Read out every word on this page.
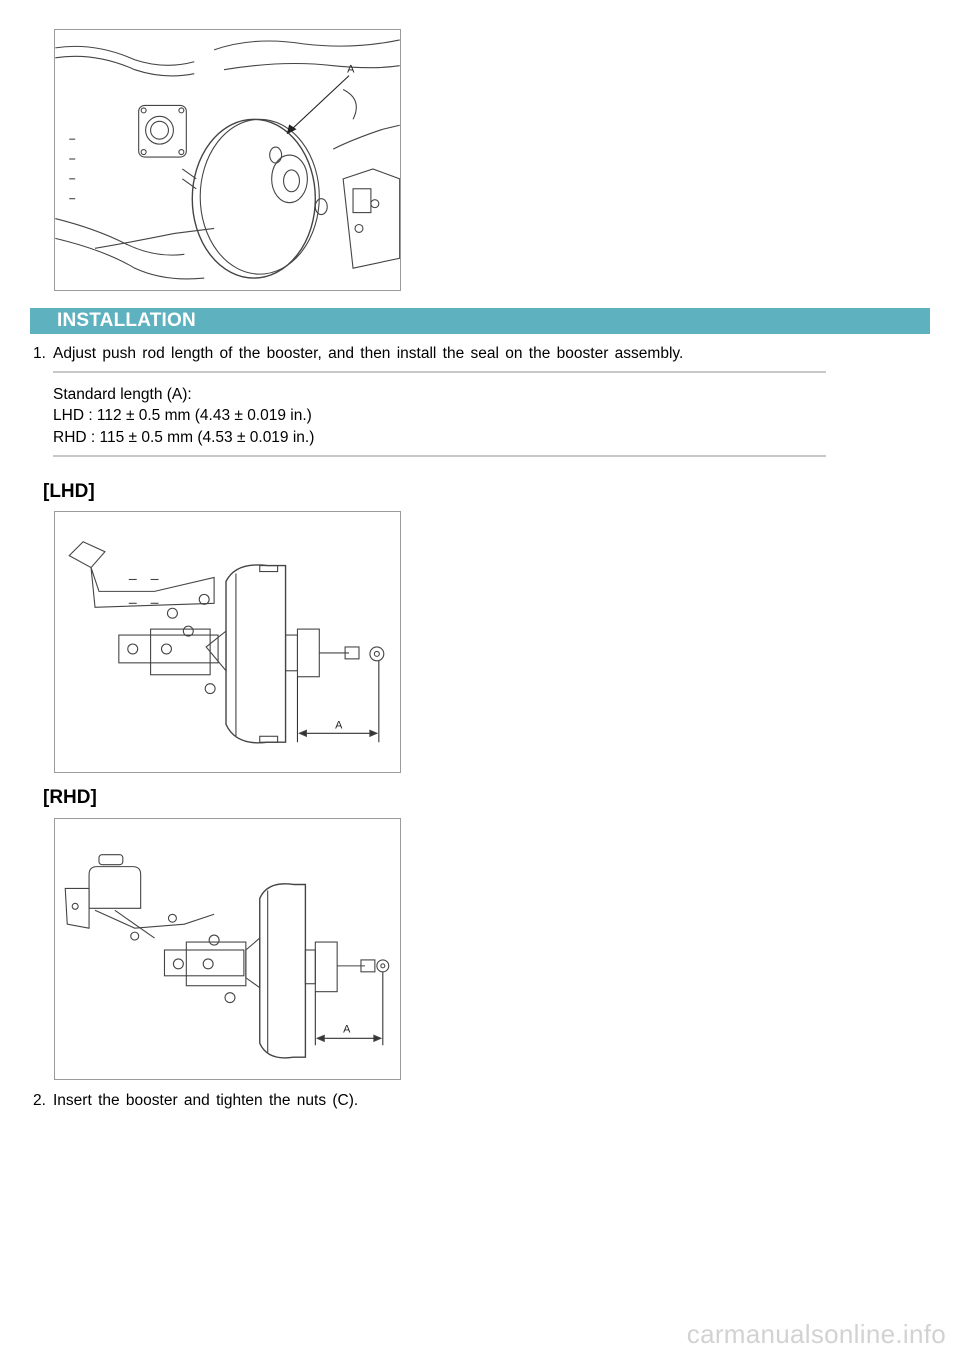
A
INSTALLATION
1. Adjust push rod length of the booster, and then install the seal on the booster assembly.
Standard length (A):
LHD : 112 ± 0.5 mm (4.43 ± 0.019 in.)
RHD : 115 ± 0.5 mm (4.53 ± 0.019 in.)
[LHD]
A
[RHD]
A
2. Insert the booster and tighten the nuts (C).
carmanualsonline.info
